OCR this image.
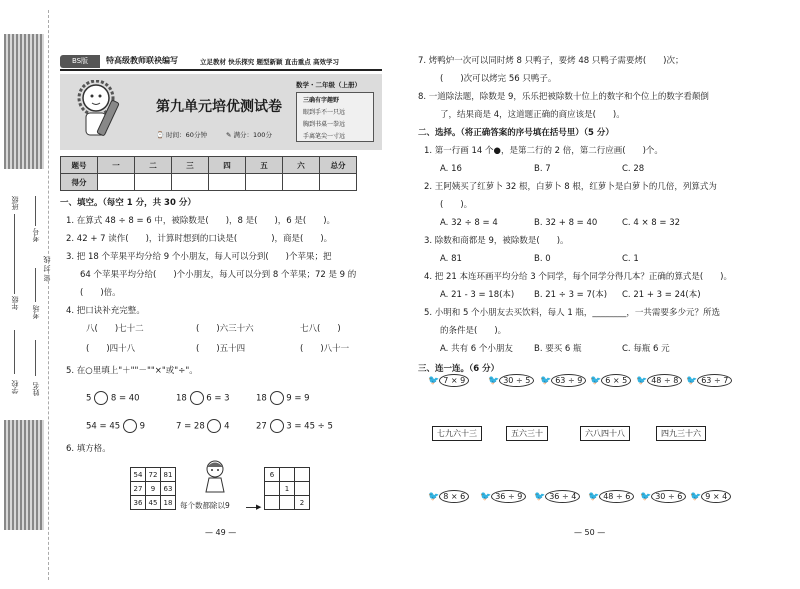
班级
考号
密 封 线
年级
考场
学校 姓名
BS版	特高级教师联袂编写	立足教材 快乐探究 题型新颖 直击重点 高效学习
第九单元培优测试卷
⌚ 时间：60分钟	✎ 满分：100分
数学・二年级（上册）
三确有字趣野
眼到手不一只远
胸到书桌一拳远
手离笔尖一寸远
题号	一	二	三	四	五	六	总分
得分							
一、填空。（每空 1 分，共 30 分）
1. 在算式 48 ÷ 8 = 6 中，被除数是(　　)，8 是(　　)，6 是(　　)。
2. 42 + 7 读作(　　)，计算时想到的口诀是(　　　　)，商是(　　)。
3. 把 18 个苹果平均分给 9 个小朋友，每人可以分到(　　)个苹果；把
64 个苹果平均分给(　　)个小朋友，每人可以分到 8 个苹果；72 是 9 的
(　　)倍。
4. 把口诀补充完整。
八(　　)七十二	(　　)六三十六	七八(　　)
(　　)四十八	(　　)五十四	(　　)八十一
5. 在○里填上"＋""－""×"或"÷"。
5 8 = 40	18 6 = 3	18 9 = 9
54 = 45 9	7 = 28 4	27 3 = 45 ÷ 5
6. 填方格。
54	72	81
27	9	63
36	45	18 每个数都除以9	▶
6		
	1	
		2
— 49 —
7. 烤鸭炉一次可以同时烤 8 只鸭子，要烤 48 只鸭子需要烤(　　)次；
(　　)次可以烤完 56 只鸭子。
8. 一道除法题，除数是 9，乐乐把被除数十位上的数字和个位上的数字看颠倒
了，结果商是 4，这道题正确的商应该是(　　)。
二、选择。（将正确答案的序号填在括号里）（5 分）
1. 第一行画 14 个●，是第二行的 2 倍，第二行应画(　　)个。
A. 16	B. 7	C. 28
2. 王阿姨买了红萝卜 32 根，白萝卜 8 根，红萝卜是白萝卜的几倍，列算式为
(　　)。
A. 32 ÷ 8 = 4	B. 32 + 8 = 40	C. 4 × 8 = 32
3. 除数和商都是 9，被除数是(　　)。
A. 81	B. 0	C. 1
4. 把 21 本连环画平均分给 3 个同学，每个同学分得几本？正确的算式是(　　)。
A. 21 - 3 = 18(本) B. 21 ÷ 3 = 7(本) C. 21 + 3 = 24(本)
5. 小明和 5 个小朋友去买饮料，每人 1 瓶，________，一共需要多少元？所选
的条件是(　　)。
A. 共有 6 个小朋友 B. 要买 6 瓶	C. 每瓶 6 元
三、连一连。（6 分）
🐦 7 × 9	🐦 30 ÷ 5	🐦 63 ÷ 9 🐦 6 × 5 🐦 48 ÷ 8 🐦 63 ÷ 7
七九六十三	五六三十	六八四十八	四九三十六
🐦 8 × 6	🐦 36 ÷ 9	🐦 36 ÷ 4	🐦 48 ÷ 6	🐦 30 ÷ 6 🐦 9 × 4
— 50 —
